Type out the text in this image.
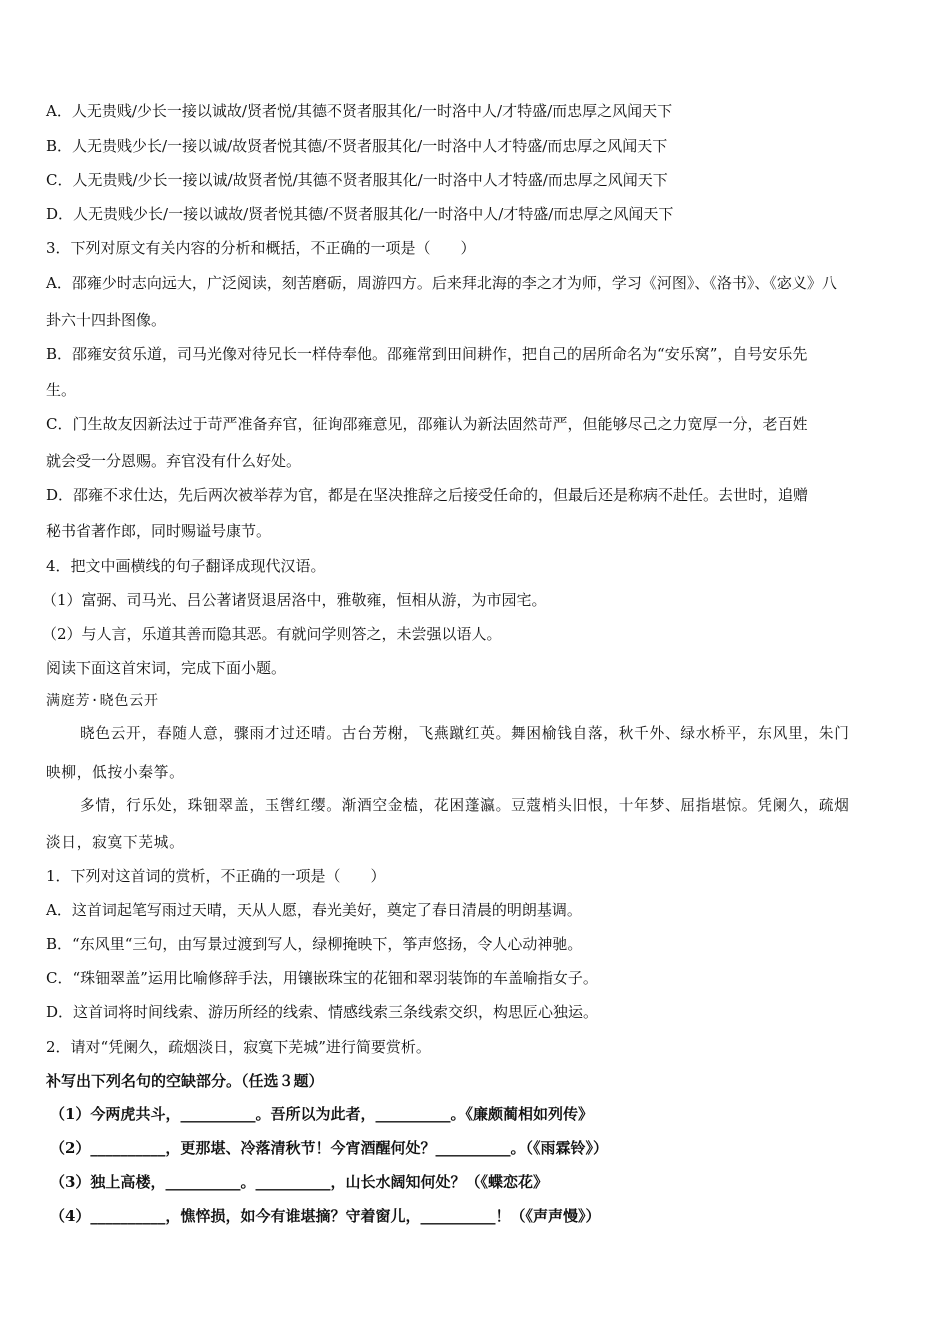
A．人无贵贱/少长一接以诚故/贤者悦/其德不贤者服其化/一时洛中人/才特盛/而忠厚之风闻天下
B．人无贵贱少长/一接以诚/故贤者悦其德/不贤者服其化/一时洛中人才特盛/而忠厚之风闻天下
C．人无贵贱/少长一接以诚/故贤者悦/其德不贤者服其化/一时洛中人才特盛/而忠厚之风闻天下
D．人无贵贱少长/一接以诚故/贤者悦其德/不贤者服其化/一时洛中人/才特盛/而忠厚之风闻天下
3．下列对原文有关内容的分析和概括，不正确的一项是（　　）
A．邵雍少时志向远大，广泛阅读，刻苦磨砺，周游四方。后来拜北海的李之才为师，学习《河图》、《洛书》、《宓义》八
卦六十四卦图像。
B．邵雍安贫乐道，司马光像对待兄长一样侍奉他。邵雍常到田间耕作，把自己的居所命名为“安乐窝”，自号安乐先
生。
C．门生故友因新法过于苛严准备弃官，征询邵雍意见，邵雍认为新法固然苛严，但能够尽己之力宽厚一分，老百姓
就会受一分恩赐。弃官没有什么好处。
D．邵雍不求仕达，先后两次被举荐为官，都是在坚决推辞之后接受任命的，但最后还是称病不赴任。去世时，追赠
秘书省著作郎，同时赐谥号康节。
4．把文中画横线的句子翻译成现代汉语。
（1）富弼、司马光、吕公著诸贤退居洛中，雅敬雍，恒相从游，为市园宅。
（2）与人言，乐道其善而隐其恶。有就问学则答之，未尝强以语人。
阅读下面这首宋词，完成下面小题。
满庭芳·晓色云开
晓色云开，春随人意，骤雨才过还晴。古台芳榭，飞燕蹴红英。舞困榆钱自落，秋千外、绿水桥平，东风里，朱门
映柳，低按小秦筝。
多情，行乐处，珠钿翠盖，玉辔红缨。渐酒空金榼，花困蓬瀛。豆蔻梢头旧恨，十年梦、屈指堪惊。凭阑久，疏烟
淡日，寂寞下芜城。
1．下列对这首词的赏析，不正确的一项是（　　）
A．这首词起笔写雨过天晴，天从人愿，春光美好，奠定了春日清晨的明朗基调。
B．“东风里“三句，由写景过渡到写人，绿柳掩映下，筝声悠扬，令人心动神驰。
C．“珠钿翠盖”运用比喻修辞手法，用镶嵌珠宝的花钿和翠羽装饰的车盖喻指女子。
D．这首词将时间线索、游历所经的线索、情感线索三条线索交织，构思匠心独运。
2．请对“凭阑久，疏烟淡日，寂寞下芜城”进行简要赏析。
补写出下列名句的空缺部分。（任选３题）
（1）今两虎共斗，__________。吾所以为此者，__________。《廉颇蔺相如列传》
（2）__________，更那堪、冷落清秋节！今宵酒醒何处？__________。（《雨霖铃》）
（3）独上高楼，__________。__________，山长水阔知何处？（《蝶恋花》
（4）__________，憔悴损，如今有谁堪摘？守着窗儿，__________！（《声声慢》）
